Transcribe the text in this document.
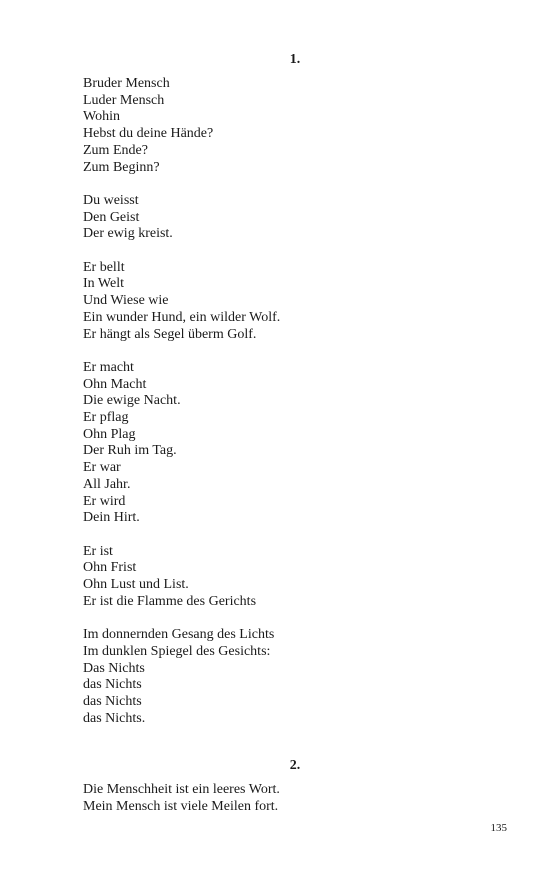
1.
Bruder Mensch
Luder Mensch
Wohin
Hebst du deine Hände?
Zum Ende?
Zum Beginn?
Du weisst
Den Geist
Der ewig kreist.
Er bellt
In Welt
Und Wiese wie
Ein wunder Hund, ein wilder Wolf.
Er hängt als Segel überm Golf.
Er macht
Ohn Macht
Die ewige Nacht.
Er pflag
Ohn Plag
Der Ruh im Tag.
Er war
All Jahr.
Er wird
Dein Hirt.
Er ist
Ohn Frist
Ohn Lust und List.
Er ist die Flamme des Gerichts
Im donnernden Gesang des Lichts
Im dunklen Spiegel des Gesichts:
Das Nichts
das Nichts
das Nichts
das Nichts.
2.
Die Menschheit ist ein leeres Wort.
Mein Mensch ist viele Meilen fort.

135
